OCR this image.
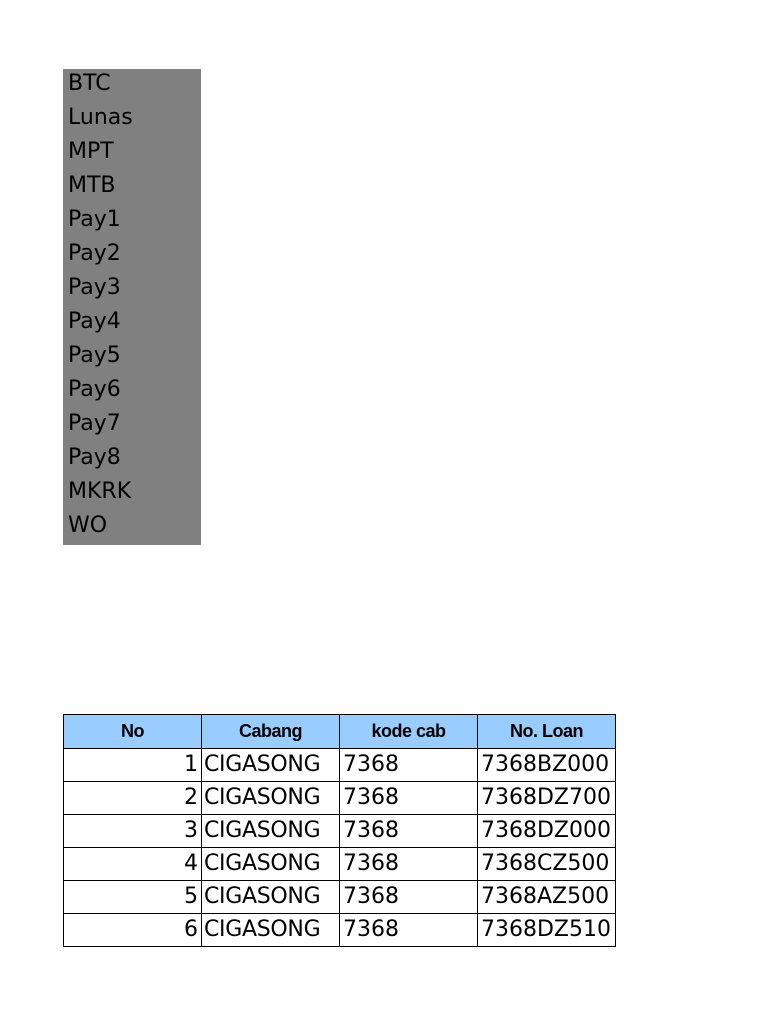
BTC
Lunas
MPT
MTB
Pay1
Pay2
Pay3
Pay4
Pay5
Pay6
Pay7
Pay8
MKRK
WO
No	Cabang	kode cab	No. Loan
1	CIGASONG	7368	7368BZ000
2	CIGASONG	7368	7368DZ700
3	CIGASONG	7368	7368DZ000
4	CIGASONG	7368	7368CZ500
5	CIGASONG	7368	7368AZ500
6	CIGASONG	7368	7368DZ510
